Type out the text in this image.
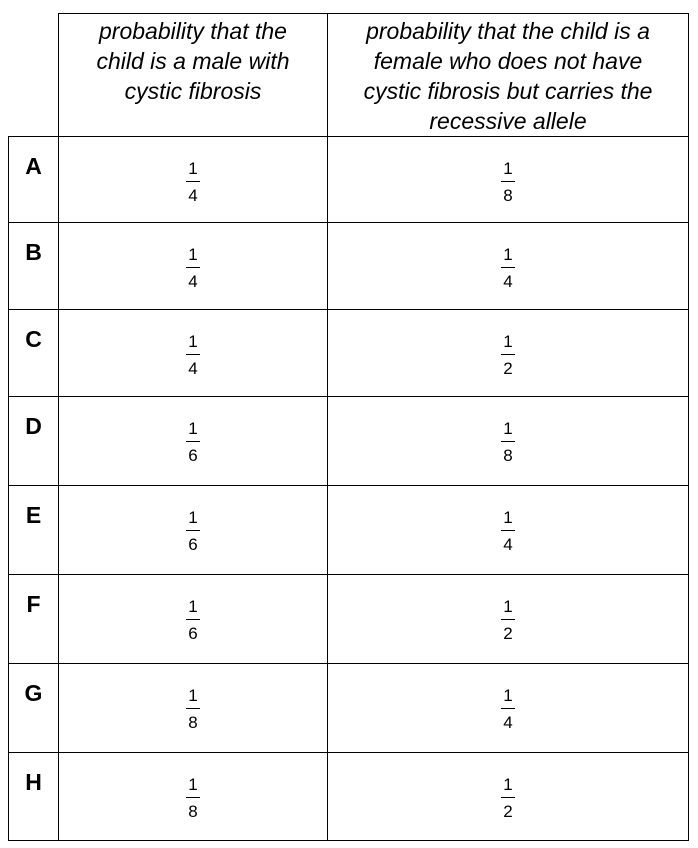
	probability that the child is a male with cystic fibrosis	probability that the child is a female who does not have cystic fibrosis but carries the recessive allele

A	$\frac{1}{4}$	$\frac{1}{8}$

B	$\frac{1}{4}$	$\frac{1}{4}$

C	$\frac{1}{4}$	$\frac{1}{2}$

D	$\frac{1}{6}$	$\frac{1}{8}$

E	$\frac{1}{6}$	$\frac{1}{4}$

F	$\frac{1}{6}$	$\frac{1}{2}$

G	$\frac{1}{8}$	$\frac{1}{4}$

H	$\frac{1}{8}$	$\frac{1}{2}$
